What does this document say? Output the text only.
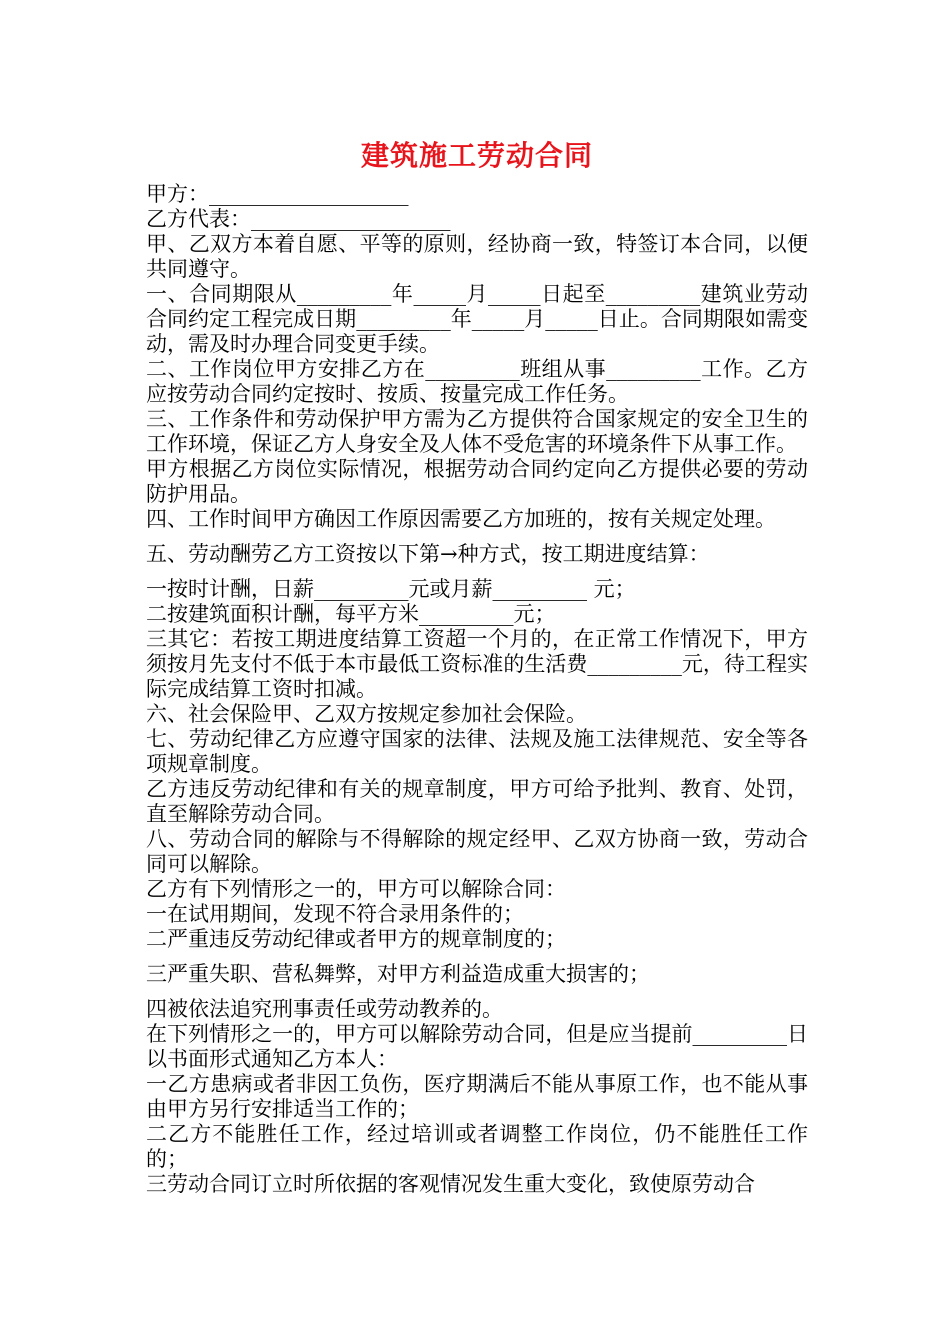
建筑施工劳动合同

甲方：___________________

乙方代表：___________________

甲、乙双方本着自愿、平等的原则，经协商一致，特签订本合同，以便共同遵守。

一、合同期限从_________年_____月_____日起至_________建筑业劳动合同约定工程完成日期_________年_____月_____日止。合同期限如需变动，需及时办理合同变更手续。

二、工作岗位甲方安排乙方在_________班组从事_________工作。乙方应按劳动合同约定按时、按质、按量完成工作任务。

三、工作条件和劳动保护甲方需为乙方提供符合国家规定的安全卫生的工作环境，保证乙方人身安全及人体不受危害的环境条件下从事工作。

甲方根据乙方岗位实际情况，根据劳动合同约定向乙方提供必要的劳动防护用品。

四、工作时间甲方确因工作原因需要乙方加班的，按有关规定处理。

五、劳动酬劳乙方工资按以下第→种方式，按工期进度结算：

一按时计酬，日薪_________元或月薪_________ 元；

二按建筑面积计酬，每平方米_________元；

三其它：若按工期进度结算工资超一个月的，在正常工作情况下，甲方须按月先支付不低于本市最低工资标准的生活费_________元，待工程实际完成结算工资时扣减。

六、社会保险甲、乙双方按规定参加社会保险。

七、劳动纪律乙方应遵守国家的法律、法规及施工法律规范、安全等各项规章制度。

乙方违反劳动纪律和有关的规章制度，甲方可给予批判、教育、处罚，直至解除劳动合同。

八、劳动合同的解除与不得解除的规定经甲、乙双方协商一致，劳动合同可以解除。

乙方有下列情形之一的，甲方可以解除合同：

一在试用期间，发现不符合录用条件的；

二严重违反劳动纪律或者甲方的规章制度的；

三严重失职、营私舞弊，对甲方利益造成重大损害的；

四被依法追究刑事责任或劳动教养的。

在下列情形之一的，甲方可以解除劳动合同，但是应当提前_________日以书面形式通知乙方本人：

一乙方患病或者非因工负伤，医疗期满后不能从事原工作，也不能从事由甲方另行安排适当工作的；

二乙方不能胜任工作，经过培训或者调整工作岗位，仍不能胜任工作的；

三劳动合同订立时所依据的客观情况发生重大变化，致使原劳动合
